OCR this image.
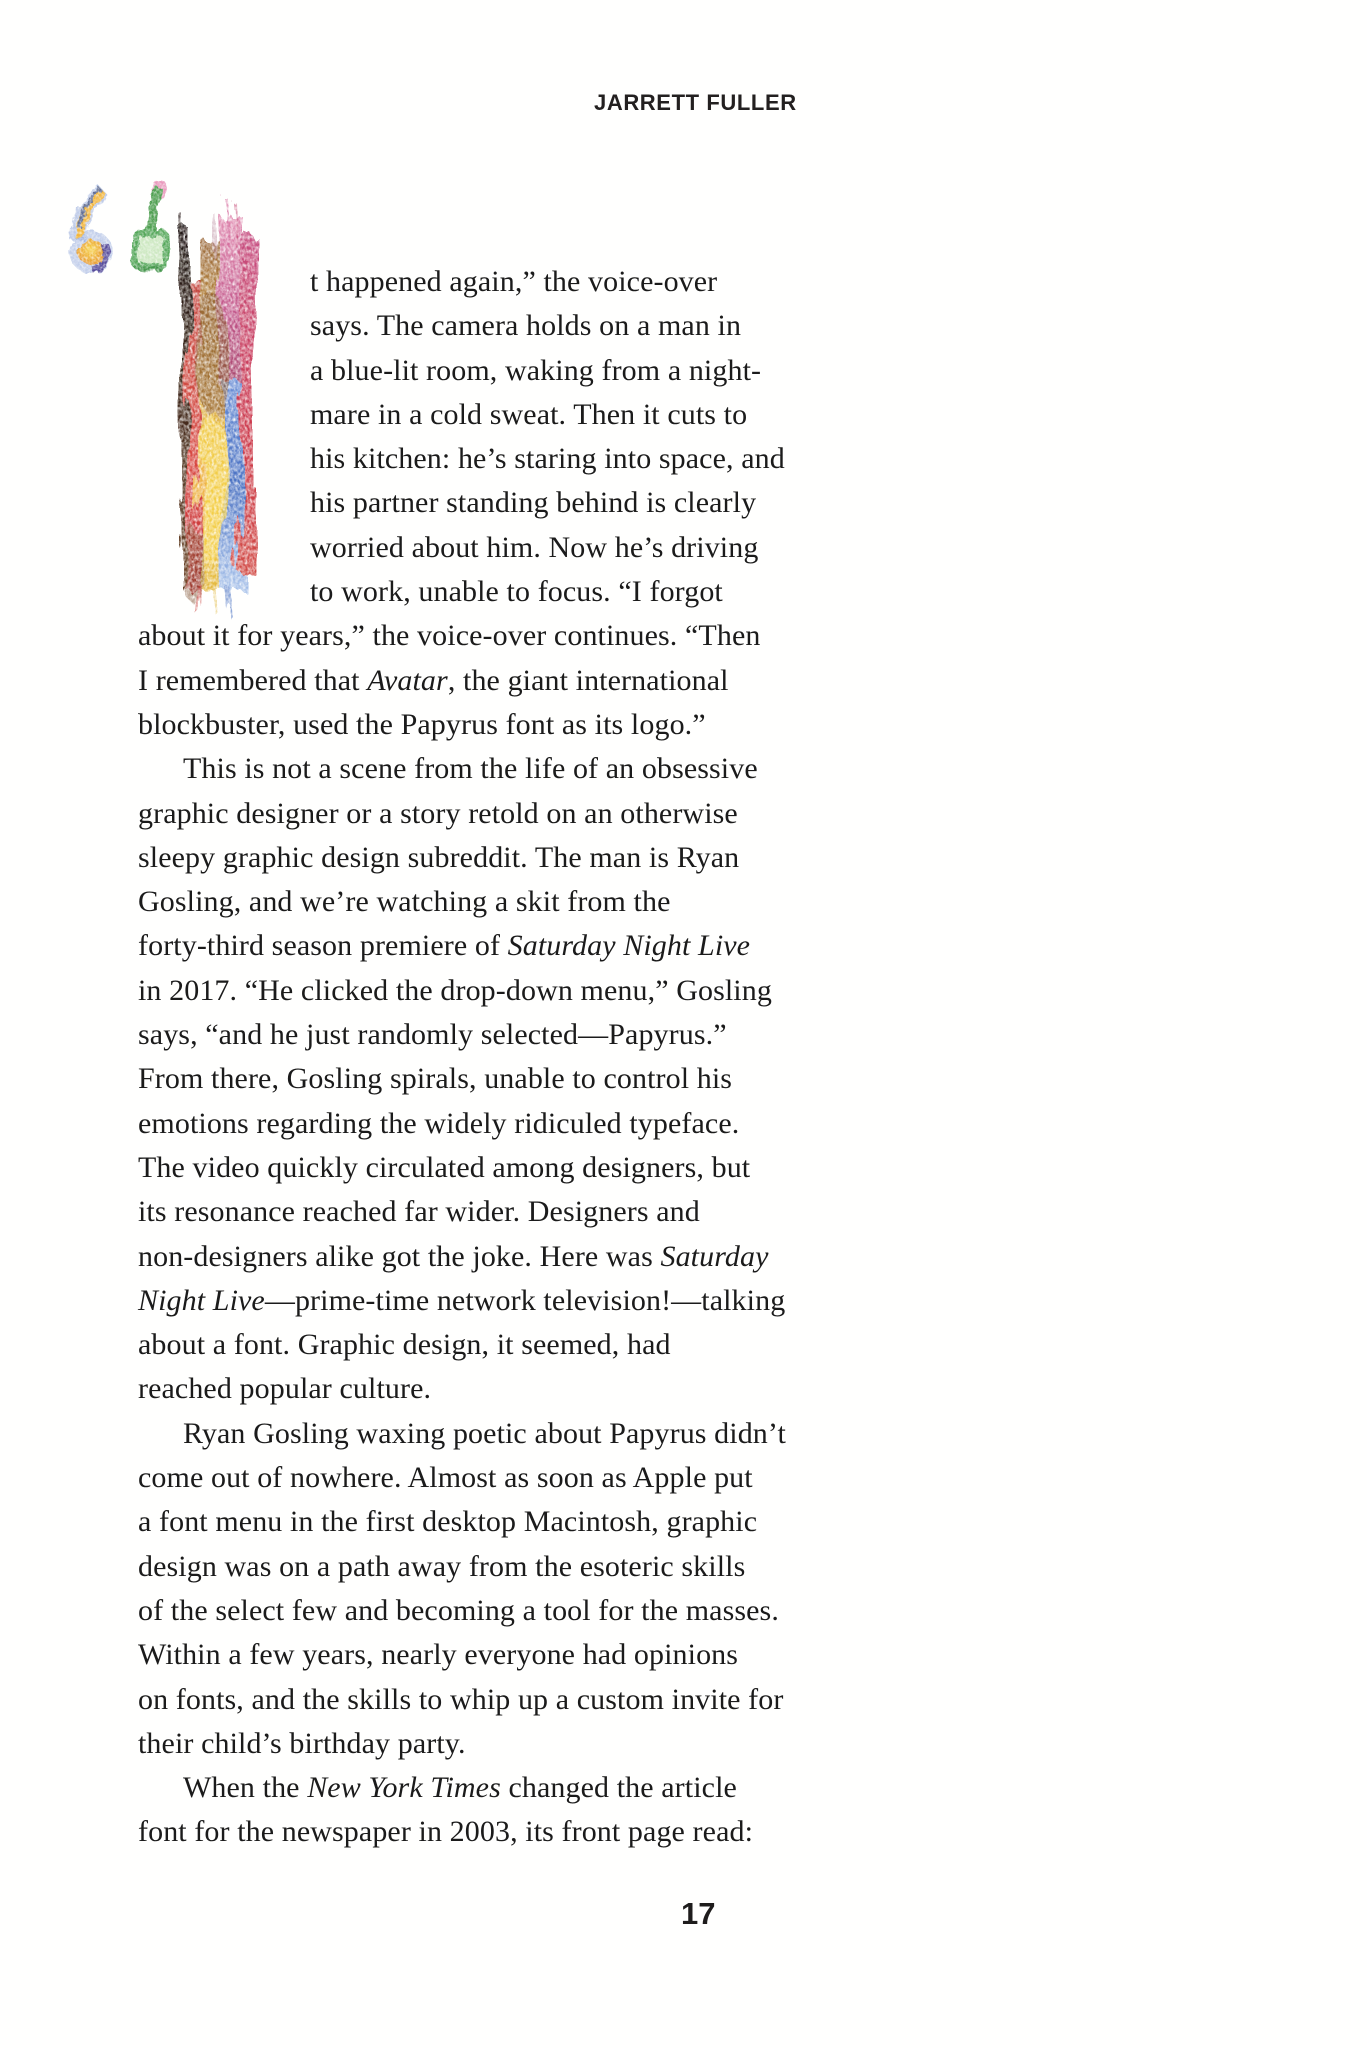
JARRETT FULLER
t happened again,” the voice-over
says. The camera holds on a man in
a blue-lit room, waking from a night-
mare in a cold sweat. Then it cuts to
his kitchen: he’s staring into space, and
his partner standing behind is clearly
worried about him. Now he’s driving
to work, unable to focus. “I forgot
about it for years,” the voice-over continues. “Then
I remembered that Avatar, the giant international
blockbuster, used the Papyrus font as its logo.”
This is not a scene from the life of an obsessive
graphic designer or a story retold on an otherwise
sleepy graphic design subreddit. The man is Ryan
Gosling, and we’re watching a skit from the
forty-third season premiere of Saturday Night Live
in 2017. “He clicked the drop-down menu,” Gosling
says, “and he just randomly selected—Papyrus.”
From there, Gosling spirals, unable to control his
emotions regarding the widely ridiculed typeface.
The video quickly circulated among designers, but
its resonance reached far wider. Designers and
non-designers alike got the joke. Here was Saturday
Night Live—prime-time network television!—talking
about a font. Graphic design, it seemed, had
reached popular culture.
Ryan Gosling waxing poetic about Papyrus didn’t
come out of nowhere. Almost as soon as Apple put
a font menu in the first desktop Macintosh, graphic
design was on a path away from the esoteric skills
of the select few and becoming a tool for the masses.
Within a few years, nearly everyone had opinions
on fonts, and the skills to whip up a custom invite for
their child’s birthday party.
When the New York Times changed the article
font for the newspaper in 2003, its front page read:
17
